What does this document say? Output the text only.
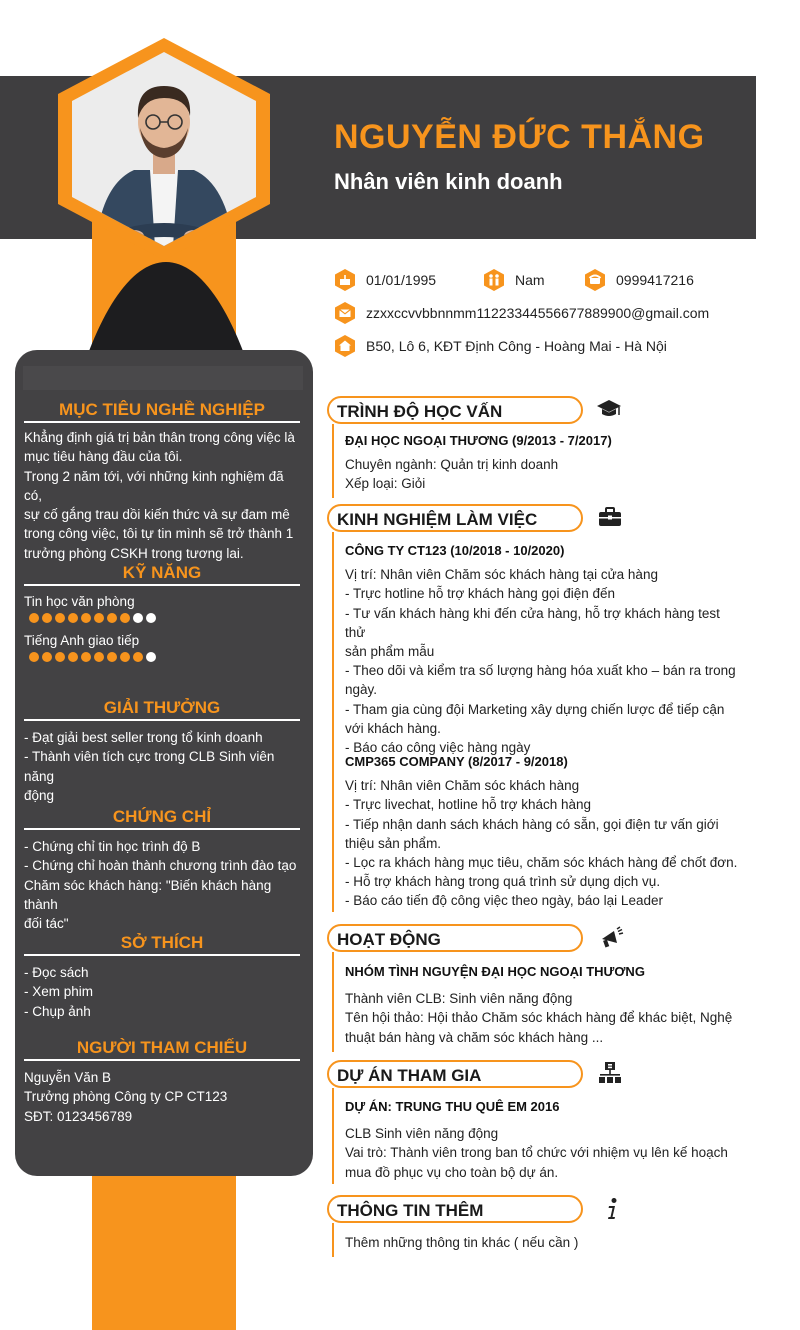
NGUYỄN ĐỨC THẮNG
Nhân viên kinh doanh
01/01/1995	Nam	0999417216
zzxxccvvbbnnmm11223344556677889900@gmail.com
B50, Lô 6, KĐT Định Công - Hoàng Mai - Hà Nội
MỤC TIÊU NGHỀ NGHIỆP
Khẳng định giá trị bản thân trong công việc là
mục tiêu hàng đầu của tôi.
Trong 2 năm tới, với những kinh nghiệm đã có,
sự cố gắng trau dồi kiến thức và sự đam mê
trong công việc, tôi tự tin mình sẽ trở thành 1
trưởng phòng CSKH trong tương lai.
KỸ NĂNG
Tin học văn phòng
Tiếng Anh giao tiếp
GIẢI THƯỞNG
- Đạt giải best seller trong tổ kinh doanh
- Thành viên tích cực trong CLB Sinh viên năng
động
CHỨNG CHỈ
- Chứng chỉ tin học trình độ B
- Chứng chỉ hoàn thành chương trình đào tạo
Chăm sóc khách hàng: "Biến khách hàng thành
đối tác"
SỞ THÍCH
- Đọc sách
- Xem phim
- Chụp ảnh
NGƯỜI THAM CHIẾU
Nguyễn Văn B
Trưởng phòng Công ty CP CT123
SĐT: 0123456789
TRÌNH ĐỘ HỌC VẤN
ĐẠI HỌC NGOẠI THƯƠNG (9/2013 - 7/2017)
Chuyên ngành: Quản trị kinh doanh
Xếp loại: Giỏi
KINH NGHIỆM LÀM VIỆC
CÔNG TY CT123 (10/2018 - 10/2020)
Vị trí: Nhân viên Chăm sóc khách hàng tại cửa hàng
- Trực hotline hỗ trợ khách hàng gọi điện đến
- Tư vấn khách hàng khi đến cửa hàng, hỗ trợ khách hàng test thử
sản phẩm mẫu
- Theo dõi và kiểm tra số lượng hàng hóa xuất kho – bán ra trong
ngày.
- Tham gia cùng đội Marketing xây dựng chiến lược để tiếp cận
với khách hàng.
- Báo cáo công việc hàng ngày
CMP365 COMPANY (8/2017 - 9/2018)
Vị trí: Nhân viên Chăm sóc khách hàng
- Trực livechat, hotline hỗ trợ khách hàng
- Tiếp nhận danh sách khách hàng có sẵn, gọi điện tư vấn giới
thiệu sản phẩm.
- Lọc ra khách hàng mục tiêu, chăm sóc khách hàng để chốt đơn.
- Hỗ trợ khách hàng trong quá trình sử dụng dịch vụ.
- Báo cáo tiến độ công việc theo ngày, báo lại Leader
HOẠT ĐỘNG
NHÓM TÌNH NGUYỆN ĐẠI HỌC NGOẠI THƯƠNG
Thành viên CLB: Sinh viên năng động
Tên hội thảo: Hội thảo Chăm sóc khách hàng để khác biệt, Nghệ
thuật bán hàng và chăm sóc khách hàng ...
DỰ ÁN THAM GIA
DỰ ÁN: TRUNG THU QUÊ EM 2016
CLB Sinh viên năng động
Vai trò: Thành viên trong ban tổ chức với nhiệm vụ lên kế hoạch
mua đồ phục vụ cho toàn bộ dự án.
THÔNG TIN THÊM
Thêm những thông tin khác ( nếu cần )
